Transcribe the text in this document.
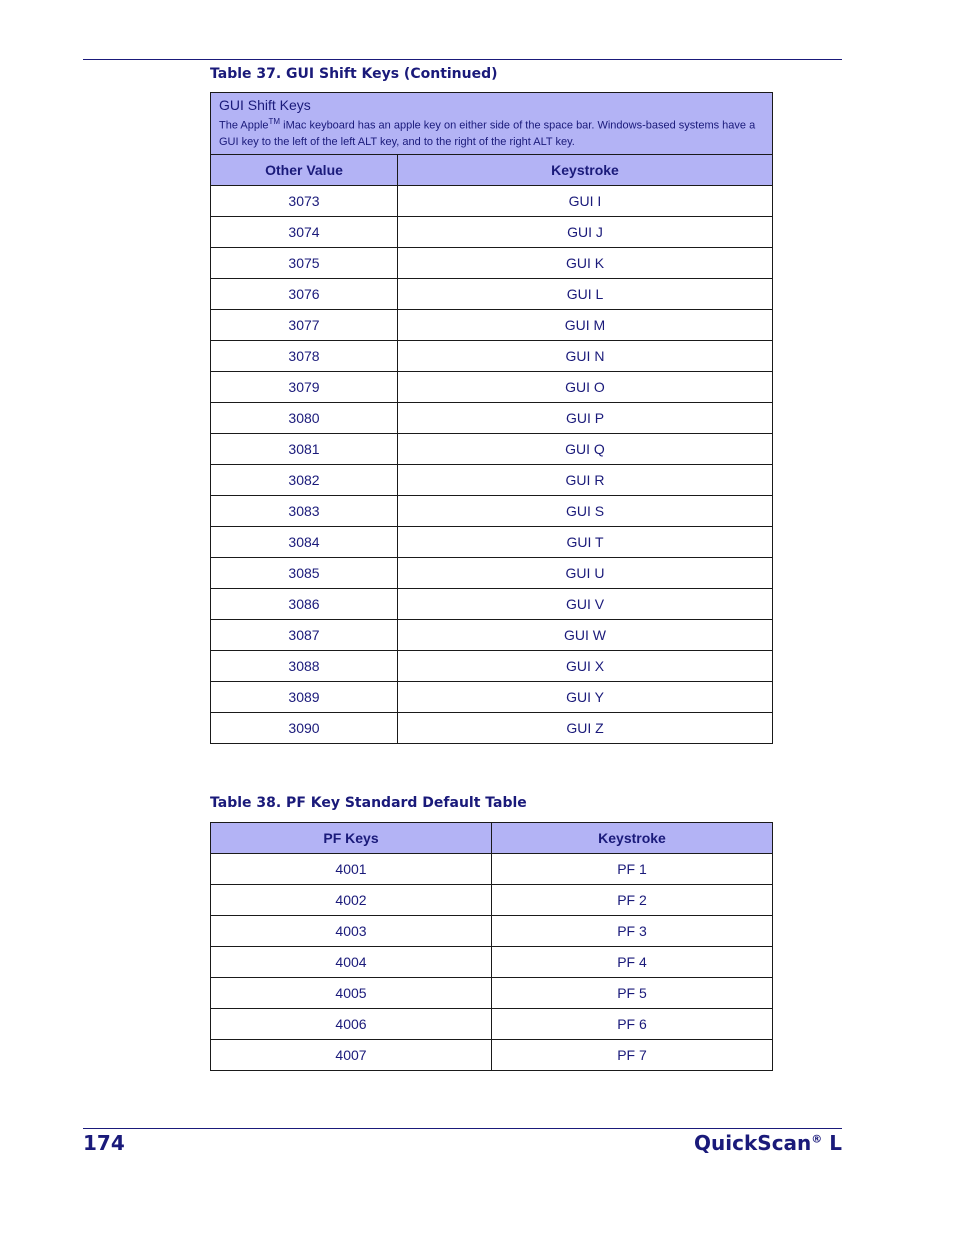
Table 37. GUI Shift Keys (Continued)
GUI Shift Keys
The Apple™ iMac keyboard has an apple key on either side of the space bar. Windows-based systems have a GUI key to the left of the left ALT key, and to the right of the right ALT key.	

Other Value	Keystroke
3073	GUI I
3074	GUI J
3075	GUI K
3076	GUI L
3077	GUI M
3078	GUI N
3079	GUI O
3080	GUI P
3081	GUI Q
3082	GUI R
3083	GUI S
3084	GUI T
3085	GUI U
3086	GUI V
3087	GUI W
3088	GUI X
3089	GUI Y
3090	GUI Z
Table 38. PF Key Standard Default Table
PF Keys	Keystroke
4001	PF 1
4002	PF 2
4003	PF 3
4004	PF 4
4005	PF 5
4006	PF 6
4007	PF 7
174	QuickScan® L
